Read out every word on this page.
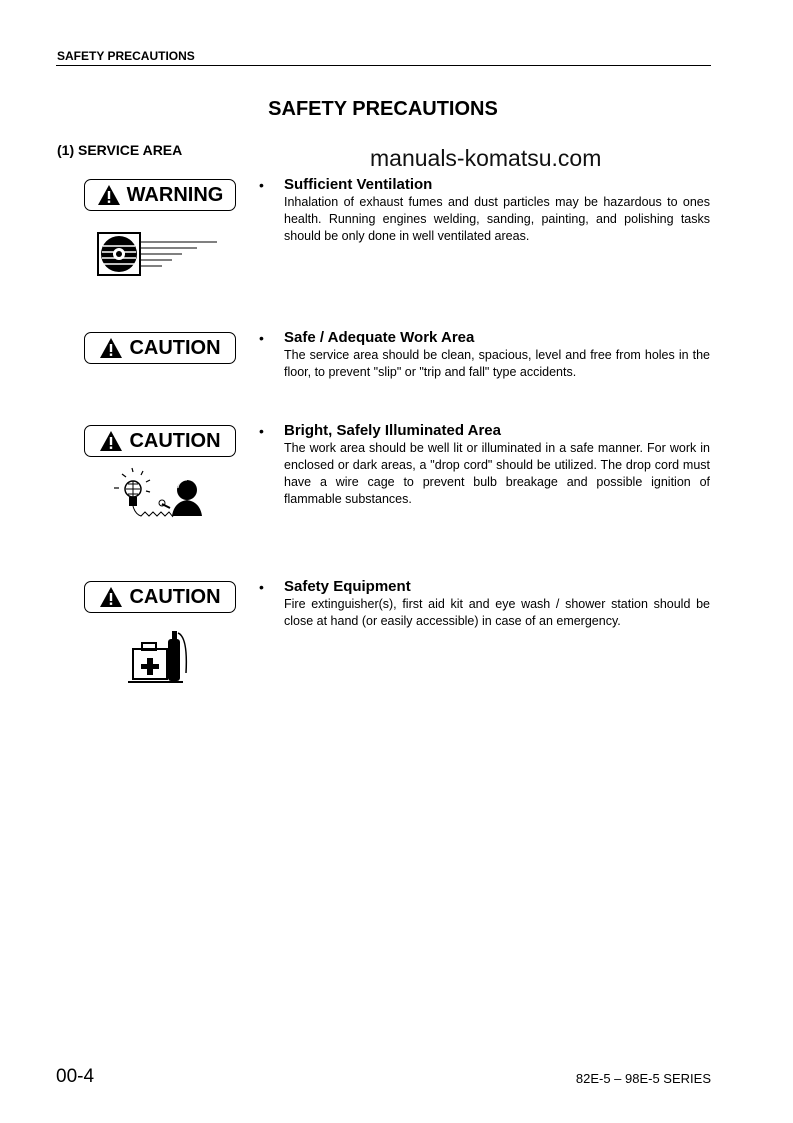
SAFETY PRECAUTIONS
SAFETY PRECAUTIONS
(1) SERVICE AREA
WARNING	• Sufficient Ventilation

Inhalation of exhaust fumes and dust particles may be hazardous to ones health. Running engines welding, sanding, painting, and polishing tasks should be only done in well ventilated areas.

CAUTION	• Safe / Adequate Work Area

The service area should be clean, spacious, level and free from holes in the floor, to prevent "slip" or "trip and fall" type accidents.

CAUTION	• Bright, Safely Illuminated Area

The work area should be well lit or illuminated in a safe manner. For work in enclosed or dark areas, a "drop cord" should be utilized. The drop cord must have a wire cage to prevent bulb breakage and possible ignition of flammable substances.

CAUTION	• Safety Equipment

Fire extinguisher(s), first aid kit and eye wash / shower station should be close at hand (or easily accessible) in case of an emergency.

manuals-komatsu.com
00-4	82E-5 – 98E-5 SERIES
